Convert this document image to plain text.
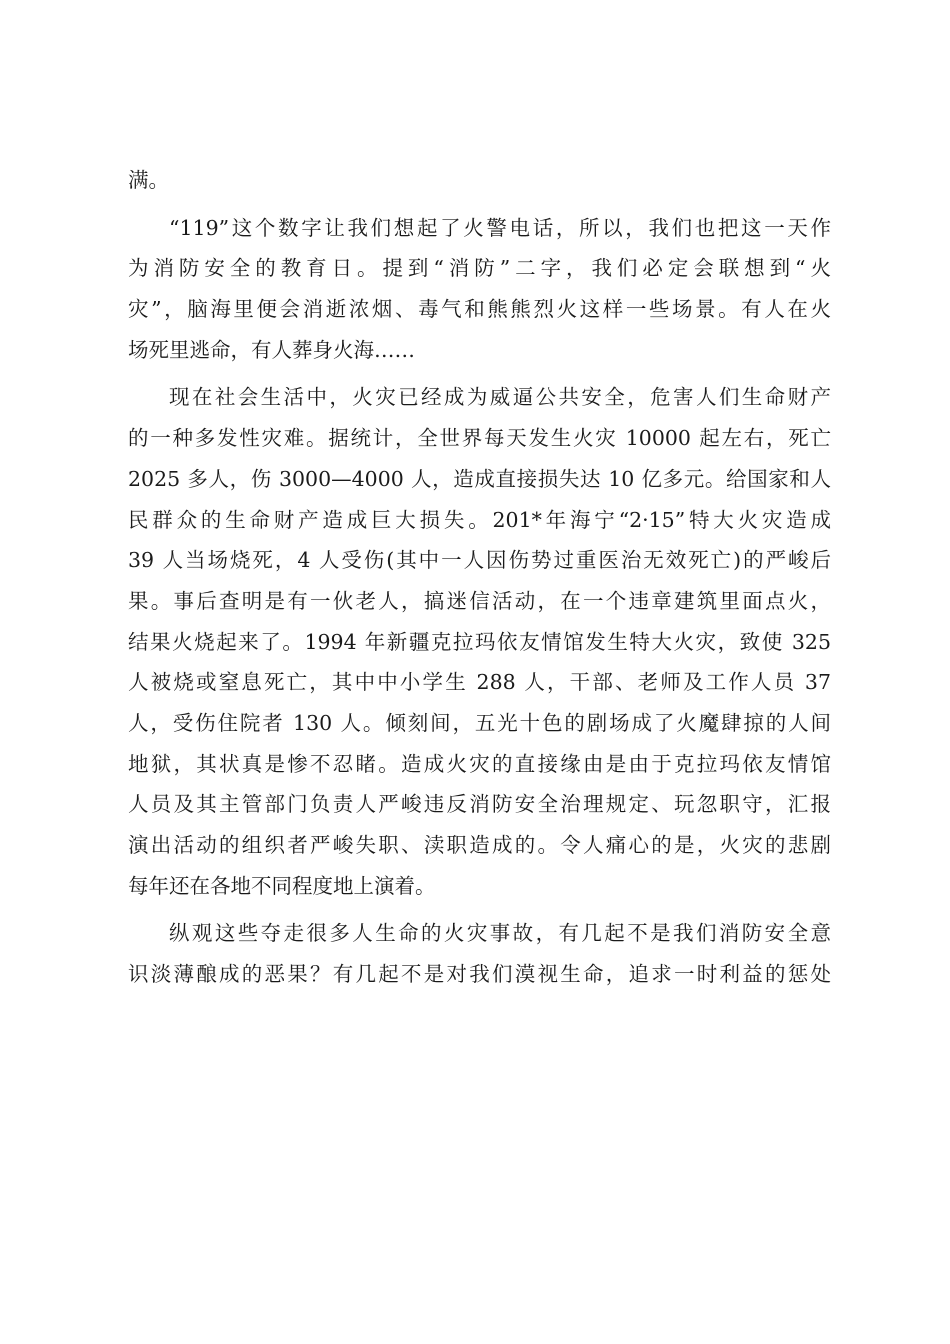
满。
“119”这个数字让我们想起了火警电话，所以，我们也把这一天作
为消防安全的教育日。提到“消防”二字，我们必定会联想到“火
灾”，脑海里便会消逝浓烟、毒气和熊熊烈火这样一些场景。有人在火
场死里逃命，有人葬身火海……
现在社会生活中，火灾已经成为威逼公共安全，危害人们生命财产
的一种多发性灾难。据统计，全世界每天发生火灾 10000 起左右，死亡
2025 多人，伤 3000—4000 人，造成直接损失达 10 亿多元。给国家和人
民群众的生命财产造成巨大损失。201*年海宁“2·15”特大火灾造成
39 人当场烧死，4 人受伤(其中一人因伤势过重医治无效死亡)的严峻后
果。事后查明是有一伙老人，搞迷信活动，在一个违章建筑里面点火，
结果火烧起来了。1994 年新疆克拉玛依友情馆发生特大火灾，致使 325
人被烧或窒息死亡，其中中小学生 288 人，干部、老师及工作人员 37
人，受伤住院者 130 人。倾刻间，五光十色的剧场成了火魔肆掠的人间
地狱，其状真是惨不忍睹。造成火灾的直接缘由是由于克拉玛依友情馆
人员及其主管部门负责人严峻违反消防安全治理规定、玩忽职守，汇报
演出活动的组织者严峻失职、渎职造成的。令人痛心的是，火灾的悲剧
每年还在各地不同程度地上演着。
纵观这些夺走很多人生命的火灾事故，有几起不是我们消防安全意
识淡薄酿成的恶果？有几起不是对我们漠视生命，追求一时利益的惩处
